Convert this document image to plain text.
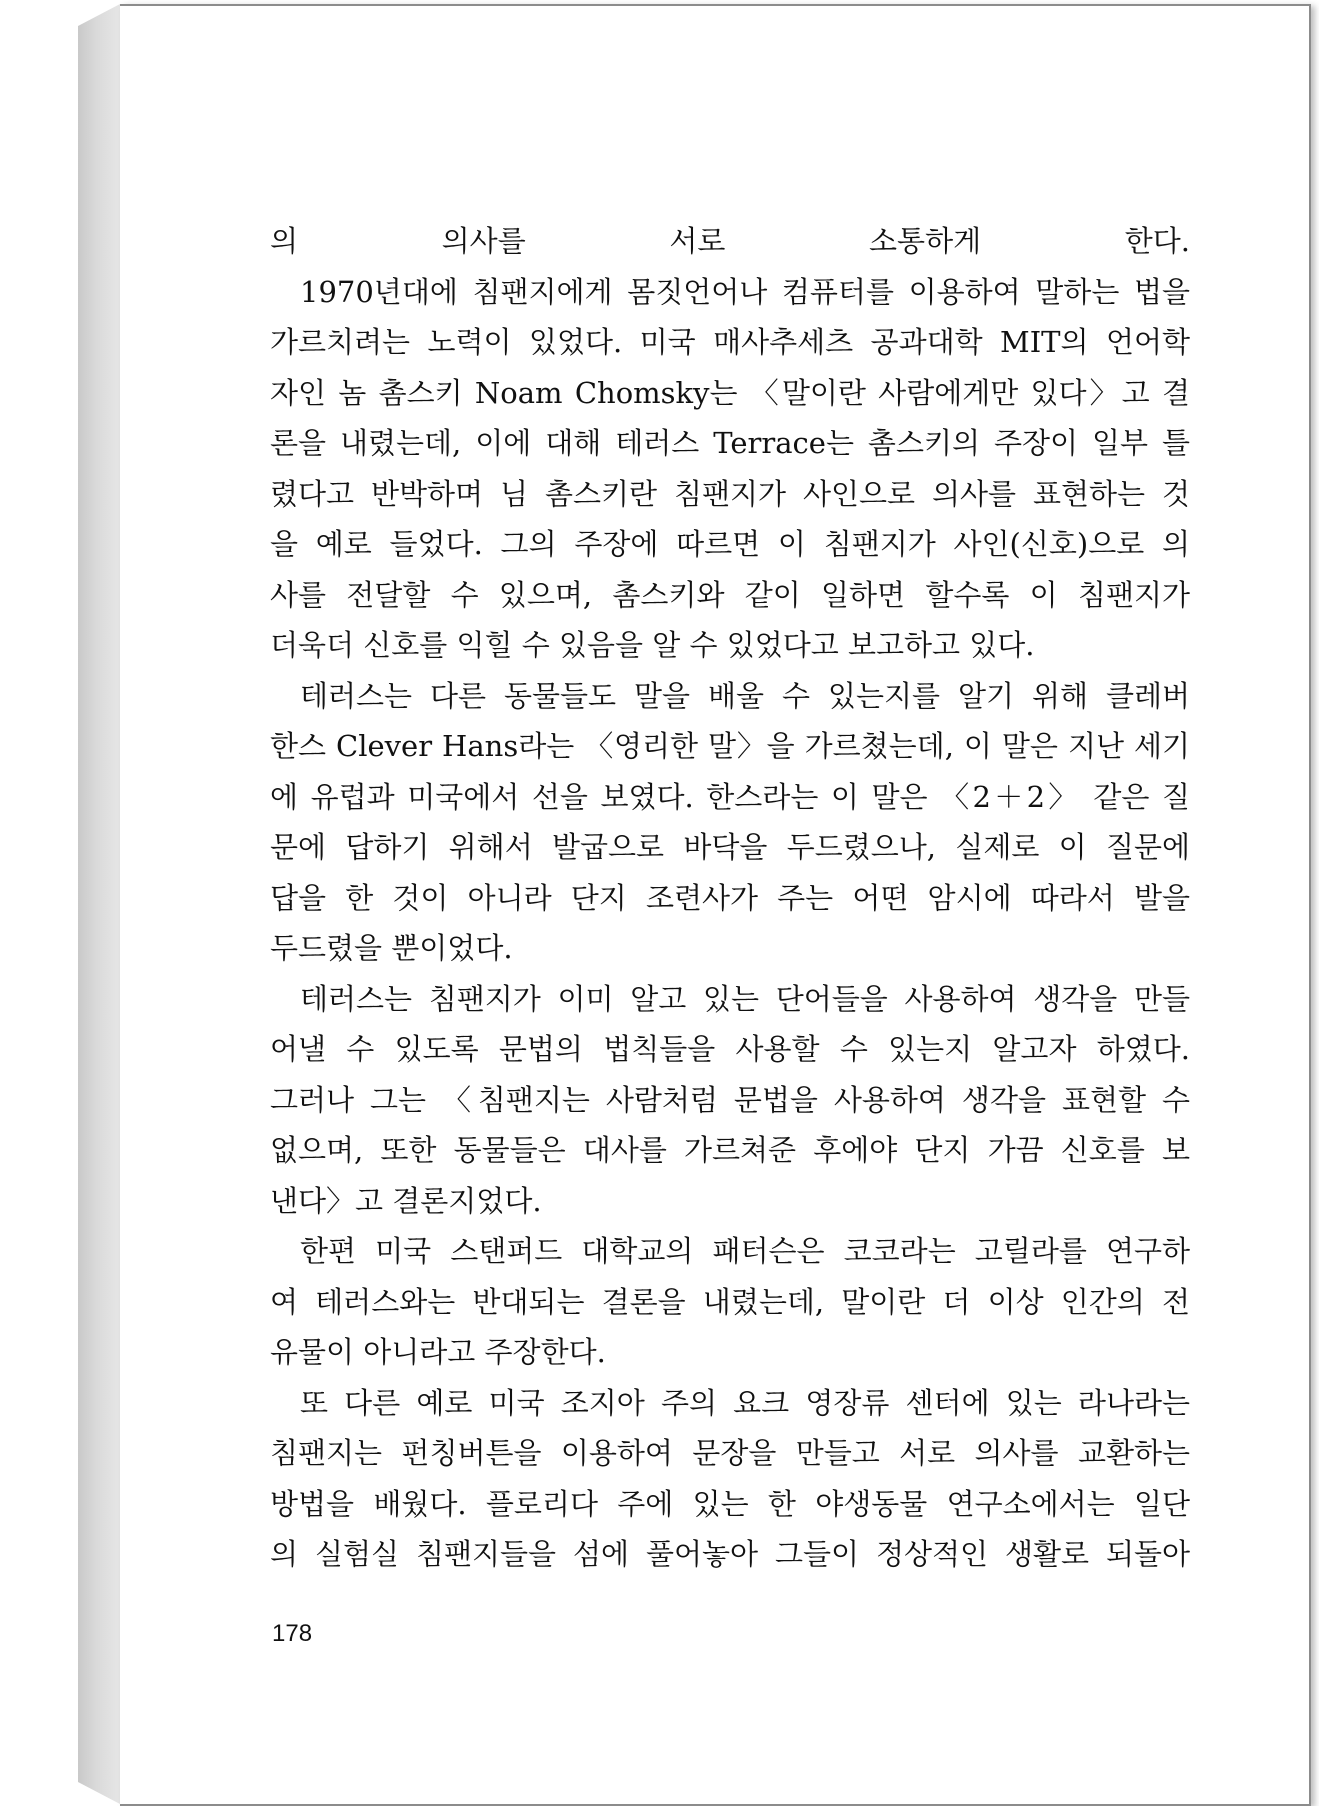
의 의사를 서로 소통하게 한다.
1970년대에 침팬지에게 몸짓언어나 컴퓨터를 이용하여 말하는 법을
가르치려는 노력이 있었다. 미국 매사추세츠 공과대학 MIT의 언어학
자인 놈 촘스키 Noam Chomsky는 〈말이란 사람에게만 있다〉고 결
론을 내렸는데, 이에 대해 테러스 Terrace는 촘스키의 주장이 일부 틀
렸다고 반박하며 님 촘스키란 침팬지가 사인으로 의사를 표현하는 것
을 예로 들었다. 그의 주장에 따르면 이 침팬지가 사인(신호)으로 의
사를 전달할 수 있으며, 촘스키와 같이 일하면 할수록 이 침팬지가
더욱더 신호를 익힐 수 있음을 알 수 있었다고 보고하고 있다.
테러스는 다른 동물들도 말을 배울 수 있는지를 알기 위해 클레버
한스 Clever Hans라는 〈영리한 말〉을 가르쳤는데, 이 말은 지난 세기
에 유럽과 미국에서 선을 보였다. 한스라는 이 말은 〈2＋2〉 같은 질
문에 답하기 위해서 발굽으로 바닥을 두드렸으나, 실제로 이 질문에
답을 한 것이 아니라 단지 조련사가 주는 어떤 암시에 따라서 발을
두드렸을 뿐이었다.
테러스는 침팬지가 이미 알고 있는 단어들을 사용하여 생각을 만들
어낼 수 있도록 문법의 법칙들을 사용할 수 있는지 알고자 하였다.
그러나 그는 〈침팬지는 사람처럼 문법을 사용하여 생각을 표현할 수
없으며, 또한 동물들은 대사를 가르쳐준 후에야 단지 가끔 신호를 보
낸다〉고 결론지었다.
한편 미국 스탠퍼드 대학교의 패터슨은 코코라는 고릴라를 연구하
여 테러스와는 반대되는 결론을 내렸는데, 말이란 더 이상 인간의 전
유물이 아니라고 주장한다.
또 다른 예로 미국 조지아 주의 요크 영장류 센터에 있는 라나라는
침팬지는 펀칭버튼을 이용하여 문장을 만들고 서로 의사를 교환하는
방법을 배웠다. 플로리다 주에 있는 한 야생동물 연구소에서는 일단
의 실험실 침팬지들을 섬에 풀어놓아 그들이 정상적인 생활로 되돌아
178
